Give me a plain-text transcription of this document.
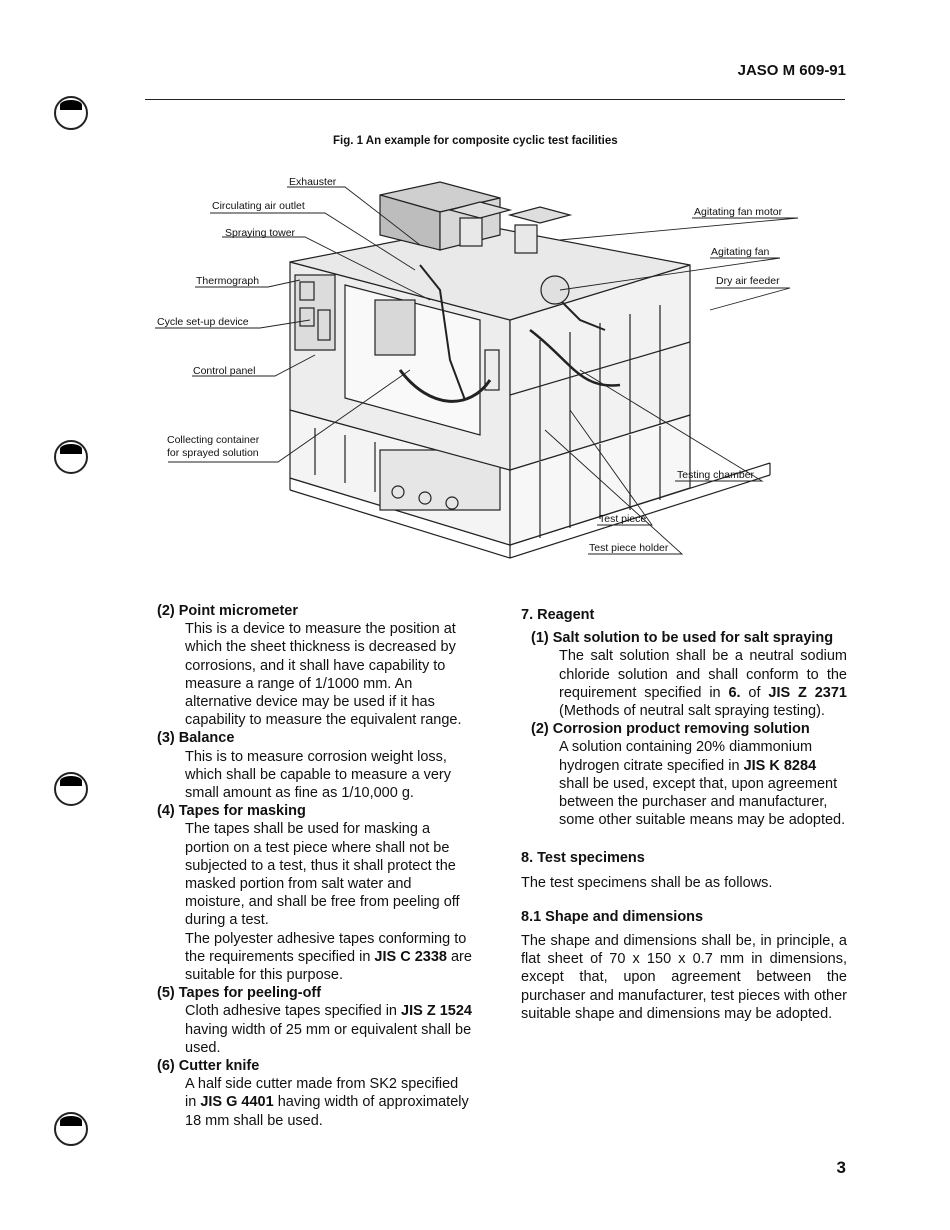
JASO M 609-91
Fig. 1 An example for composite cyclic test facilities
Exhauster
Circulating air outlet
Spraying tower
Thermograph
Cycle set-up device
Control panel
Collecting container
for sprayed solution
Agitating fan motor
Agitating fan
Dry air feeder
Testing chamber
Test piece
Test piece holder

(2) Point micrometer

This is a device to measure the position at which the sheet thickness is decreased by corrosions, and it shall have capability to measure a range of 1/1000 mm. An alternative device may be used if it has capability to measure the equivalent range.

(3) Balance

This is to measure corrosion weight loss, which shall be capable to measure a very small amount as fine as 1/10,000 g.

(4) Tapes for masking

The tapes shall be used for masking a portion on a test piece where shall not be subjected to a test, thus it shall protect the masked portion from salt water and moisture, and shall be free from peeling off during a test.

The polyester adhesive tapes conforming to the requirements specified in JIS C 2338 are suitable for this purpose.

(5) Tapes for peeling-off

Cloth adhesive tapes specified in JIS Z 1524 having width of 25 mm or equivalent shall be used.

(6) Cutter knife

A half side cutter made from SK2 specified in JIS G 4401 having width of approximately 18 mm shall be used.

7. Reagent

(1) Salt solution to be used for salt spraying

The salt solution shall be a neutral sodium chloride solution and shall conform to the requirement specified in 6. of JIS Z 2371 (Methods of neutral salt spraying testing).

(2) Corrosion product removing solution

A solution containing 20% diammonium hydrogen citrate specified in JIS K 8284 shall be used, except that, upon agreement between the purchaser and manufacturer, some other suitable means may be adopted.

8. Test specimens

The test specimens shall be as follows.

8.1 Shape and dimensions

The shape and dimensions shall be, in principle, a flat sheet of 70 x 150 x 0.7 mm in dimensions, except that, upon agreement between the purchaser and manufacturer, test pieces with other suitable shape and dimensions may be adopted.

3
